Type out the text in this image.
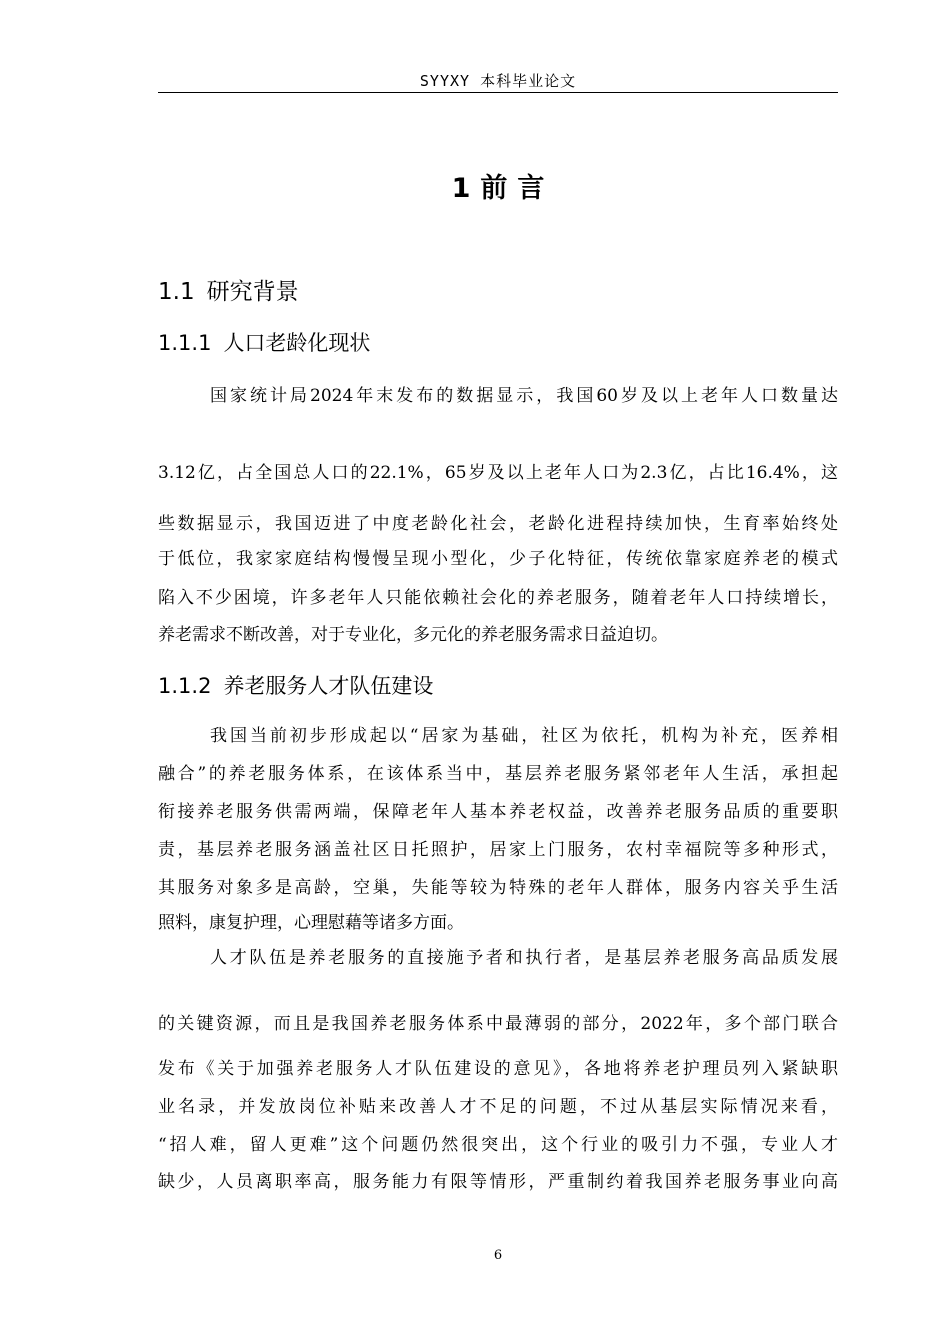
SYYXY 本科毕业论文
1 前 言
1.1 研究背景
1.1.1 人口老龄化现状
国家统计局2024年末发布的数据显示，我国60岁及以上老年人口数量达
3.12亿，占全国总人口的22.1%，65岁及以上老年人口为2.3亿，占比16.4%，这
些数据显示，我国迈进了中度老龄化社会，老龄化进程持续加快，生育率始终处
于低位，我家家庭结构慢慢呈现小型化，少子化特征，传统依靠家庭养老的模式
陷入不少困境，许多老年人只能依赖社会化的养老服务，随着老年人口持续增长，
养老需求不断改善，对于专业化，多元化的养老服务需求日益迫切。
1.1.2 养老服务人才队伍建设
我国当前初步形成起以“居家为基础，社区为依托，机构为补充，医养相
融合”的养老服务体系，在该体系当中，基层养老服务紧邻老年人生活，承担起
衔接养老服务供需两端，保障老年人基本养老权益，改善养老服务品质的重要职
责，基层养老服务涵盖社区日托照护，居家上门服务，农村幸福院等多种形式，
其服务对象多是高龄，空巢，失能等较为特殊的老年人群体，服务内容关乎生活
照料，康复护理，心理慰藉等诸多方面。
人才队伍是养老服务的直接施予者和执行者，是基层养老服务高品质发展
的关键资源，而且是我国养老服务体系中最薄弱的部分，2022年，多个部门联合
发布《关于加强养老服务人才队伍建设的意见》，各地将养老护理员列入紧缺职
业名录，并发放岗位补贴来改善人才不足的问题，不过从基层实际情况来看，
“招人难，留人更难”这个问题仍然很突出，这个行业的吸引力不强，专业人才
缺少，人员离职率高，服务能力有限等情形，严重制约着我国养老服务事业向高
6
